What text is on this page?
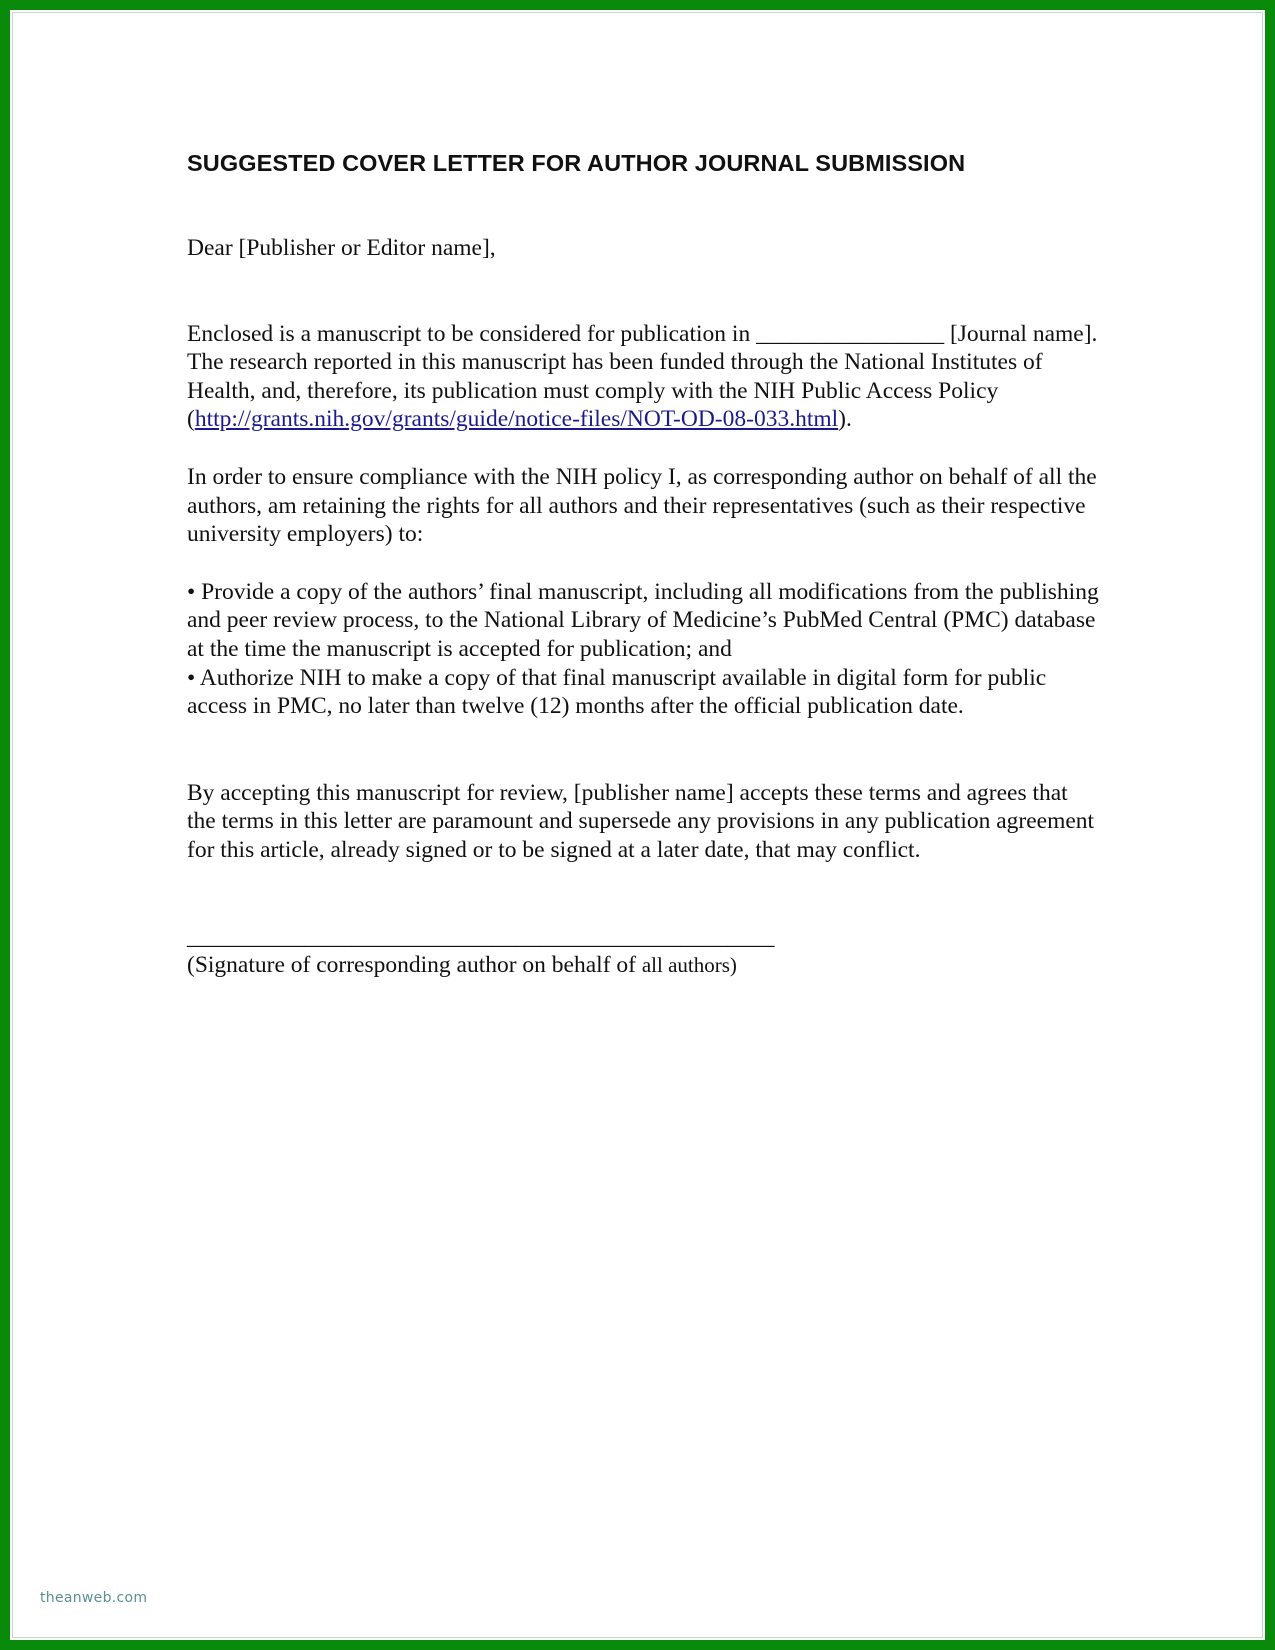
SUGGESTED COVER LETTER FOR AUTHOR JOURNAL SUBMISSION

Dear [Publisher or Editor name],

Enclosed is a manuscript to be considered for publication in ________________ [Journal name]. The research reported in this manuscript has been funded through the National Institutes of Health, and, therefore, its publication must comply with the NIH Public Access Policy (http://grants.nih.gov/grants/guide/notice-files/NOT-OD-08-033.html).

In order to ensure compliance with the NIH policy I, as corresponding author on behalf of all the authors, am retaining the rights for all authors and their representatives (such as their respective university employers) to:

• Provide a copy of the authors’ final manuscript, including all modifications from the publishing and peer review process, to the National Library of Medicine’s PubMed Central (PMC) database at the time the manuscript is accepted for publication; and

• Authorize NIH to make a copy of that final manuscript available in digital form for public access in PMC, no later than twelve (12) months after the official publication date.

By accepting this manuscript for review, [publisher name] accepts these terms and agrees that the terms in this letter are paramount and supersede any provisions in any publication agreement for this article, already signed or to be signed at a later date, that may conflict.

__________________________________________________
(Signature of corresponding author on behalf of all authors)
theanweb.com
